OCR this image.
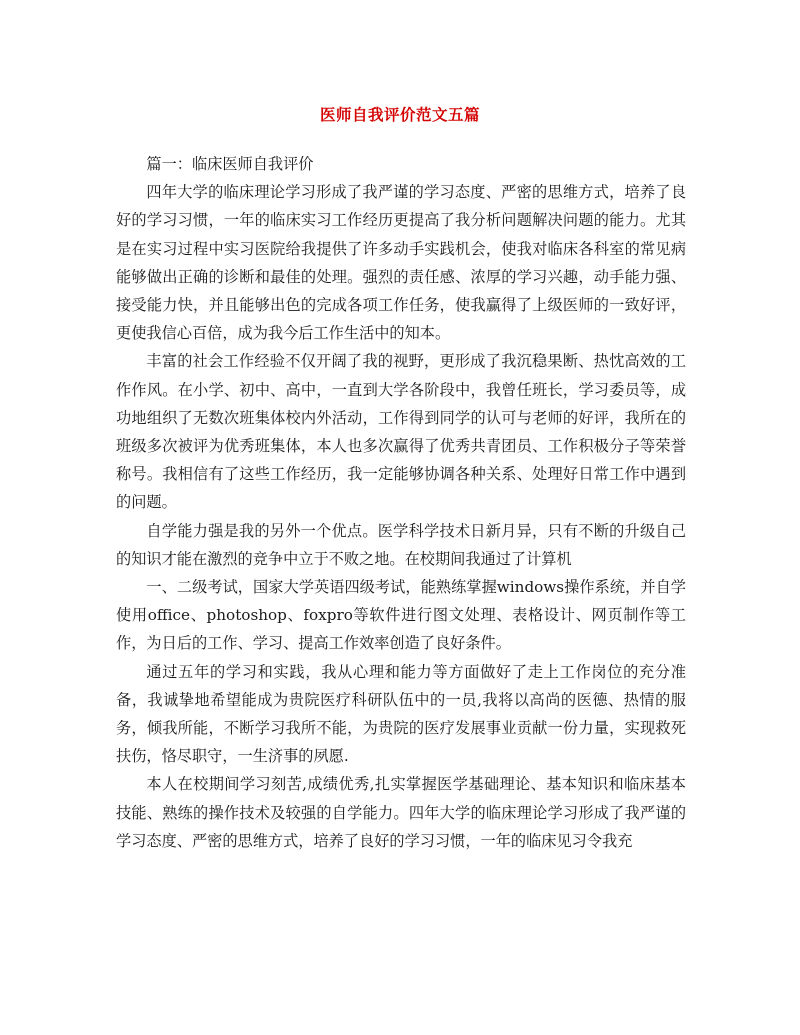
医师自我评价范文五篇

篇一：临床医师自我评价

四年大学的临床理论学习形成了我严谨的学习态度、严密的思维方式，培养了良好的学习习惯，一年的临床实习工作经历更提高了我分析问题解决问题的能力。尤其是在实习过程中实习医院给我提供了许多动手实践机会，使我对临床各科室的常见病能够做出正确的诊断和最佳的处理。强烈的责任感、浓厚的学习兴趣，动手能力强、接受能力快，并且能够出色的完成各项工作任务，使我赢得了上级医师的一致好评，更使我信心百倍，成为我今后工作生活中的知本。

丰富的社会工作经验不仅开阔了我的视野，更形成了我沉稳果断、热忱高效的工作作风。在小学、初中、高中，一直到大学各阶段中，我曾任班长，学习委员等，成功地组织了无数次班集体校内外活动，工作得到同学的认可与老师的好评，我所在的班级多次被评为优秀班集体，本人也多次赢得了优秀共青团员、工作积极分子等荣誉称号。我相信有了这些工作经历，我一定能够协调各种关系、处理好日常工作中遇到的问题。

自学能力强是我的另外一个优点。医学科学技术日新月异，只有不断的升级自己的知识才能在激烈的竞争中立于不败之地。在校期间我通过了计算机

一、二级考试，国家大学英语四级考试，能熟练掌握windows操作系统，并自学使用office、photoshop、foxpro等软件进行图文处理、表格设计、网页制作等工作，为日后的工作、学习、提高工作效率创造了良好条件。

通过五年的学习和实践，我从心理和能力等方面做好了走上工作岗位的充分准备，我诚挚地希望能成为贵院医疗科研队伍中的一员,我将以高尚的医德、热情的服务，倾我所能，不断学习我所不能，为贵院的医疗发展事业贡献一份力量，实现救死扶伤，恪尽职守，一生济事的夙愿.

本人在校期间学习刻苦,成绩优秀,扎实掌握医学基础理论、基本知识和临床基本技能、熟练的操作技术及较强的自学能力。四年大学的临床理论学习形成了我严谨的学习态度、严密的思维方式，培养了良好的学习习惯，一年的临床见习令我充
